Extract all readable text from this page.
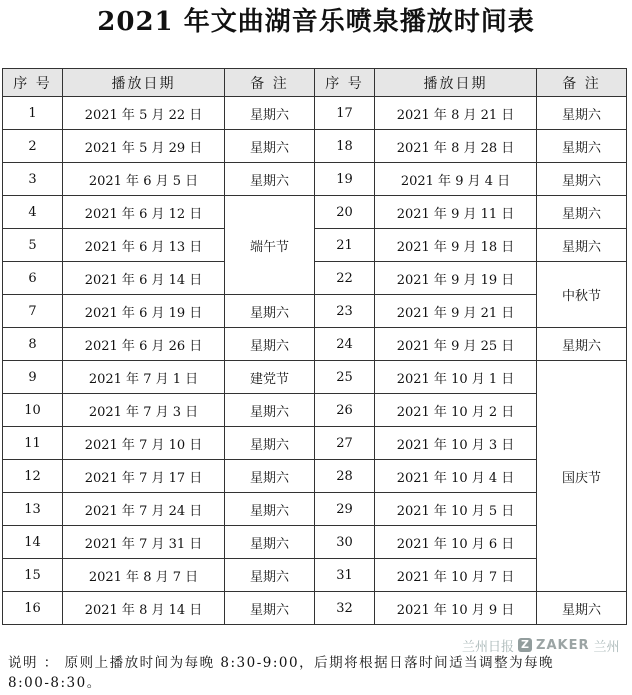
2021 年文曲湖音乐喷泉播放时间表
序 号	播放日期	备 注	序 号	播放日期	备 注
1	2021 年 5 月 22 日	星期六	17	2021 年 8 月 21 日	星期六
2	2021 年 5 月 29 日	星期六	18	2021 年 8 月 28 日	星期六
3	2021 年 6 月 5 日	星期六	19	2021 年 9 月 4 日	星期六
4	2021 年 6 月 12 日	端午节	20	2021 年 9 月 11 日	星期六
5	2021 年 6 月 13 日		21	2021 年 9 月 18 日	星期六
6	2021 年 6 月 14 日		22	2021 年 9 月 19 日	中秋节
7	2021 年 6 月 19 日	星期六	23	2021 年 9 月 21 日	
8	2021 年 6 月 26 日	星期六	24	2021 年 9 月 25 日	星期六
9	2021 年 7 月 1 日	建党节	25	2021 年 10 月 1 日	国庆节
10	2021 年 7 月 3 日	星期六	26	2021 年 10 月 2 日	
11	2021 年 7 月 10 日	星期六	27	2021 年 10 月 3 日	
12	2021 年 7 月 17 日	星期六	28	2021 年 10 月 4 日	
13	2021 年 7 月 24 日	星期六	29	2021 年 10 月 5 日	
14	2021 年 7 月 31 日	星期六	30	2021 年 10 月 6 日	
15	2021 年 8 月 7 日	星期六	31	2021 年 10 月 7 日	
16	2021 年 8 月 14 日	星期六	32	2021 年 10 月 9 日	星期六
说明 ： 原则上播放时间为每晚 8:30-9:00，后期将根据日落时间适当调整为每晚
8:00-8:30。
兰州日报 Z ZAKER 兰州
